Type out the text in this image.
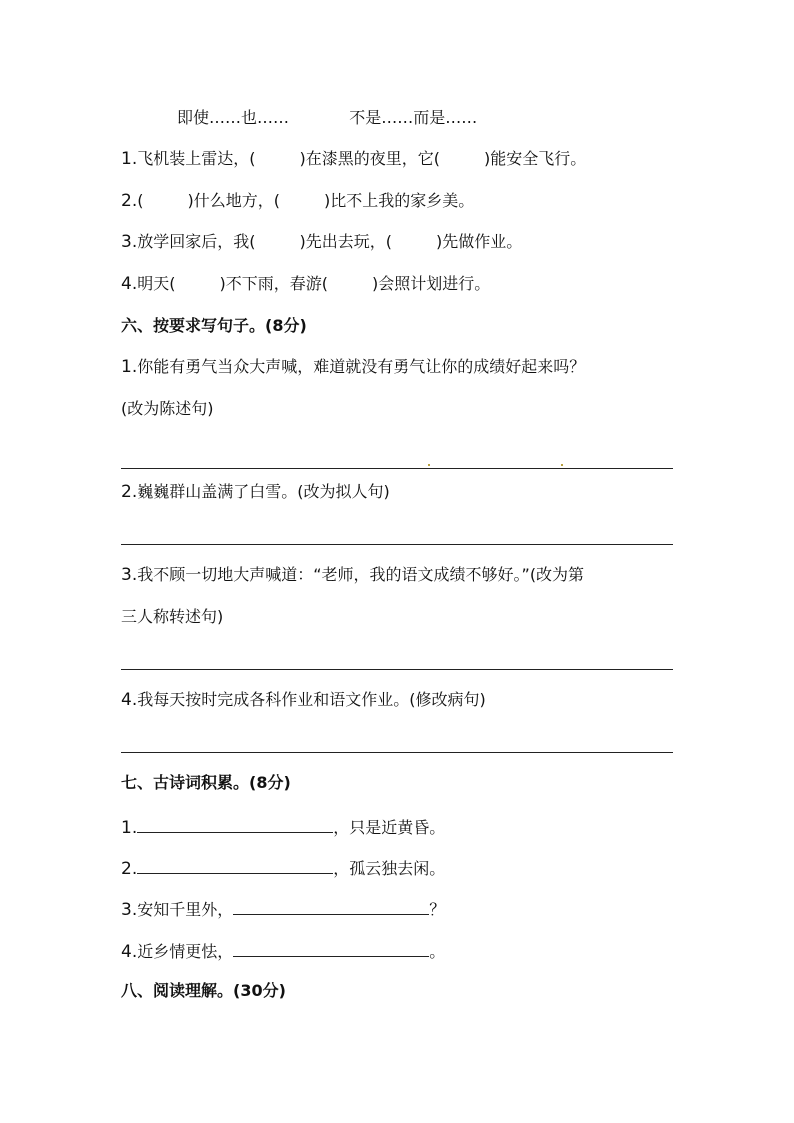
即使……也……	不是……而是……
1.飞机装上雷达，(	)在漆黑的夜里，它(	)能安全飞行。
2.(	)什么地方，(	)比不上我的家乡美。
3.放学回家后，我(	)先出去玩，(	)先做作业。
4.明天(	)不下雨，春游(	)会照计划进行。
六、按要求写句子。(8分)
1.你能有勇气当众大声喊，难道就没有勇气让你的成绩好起来吗？
(改为陈述句)
2.巍巍群山盖满了白雪。(改为拟人句)
3.我不顾一切地大声喊道：“老师，我的语文成绩不够好。”(改为第
三人称转述句)
4.我每天按时完成各科作业和语文作业。(修改病句)
七、古诗词积累。(8分)
1.	，只是近黄昏。
2.	，孤云独去闲。
3.安知千里外，	？
4.近乡情更怯，	。
八、阅读理解。(30分)
